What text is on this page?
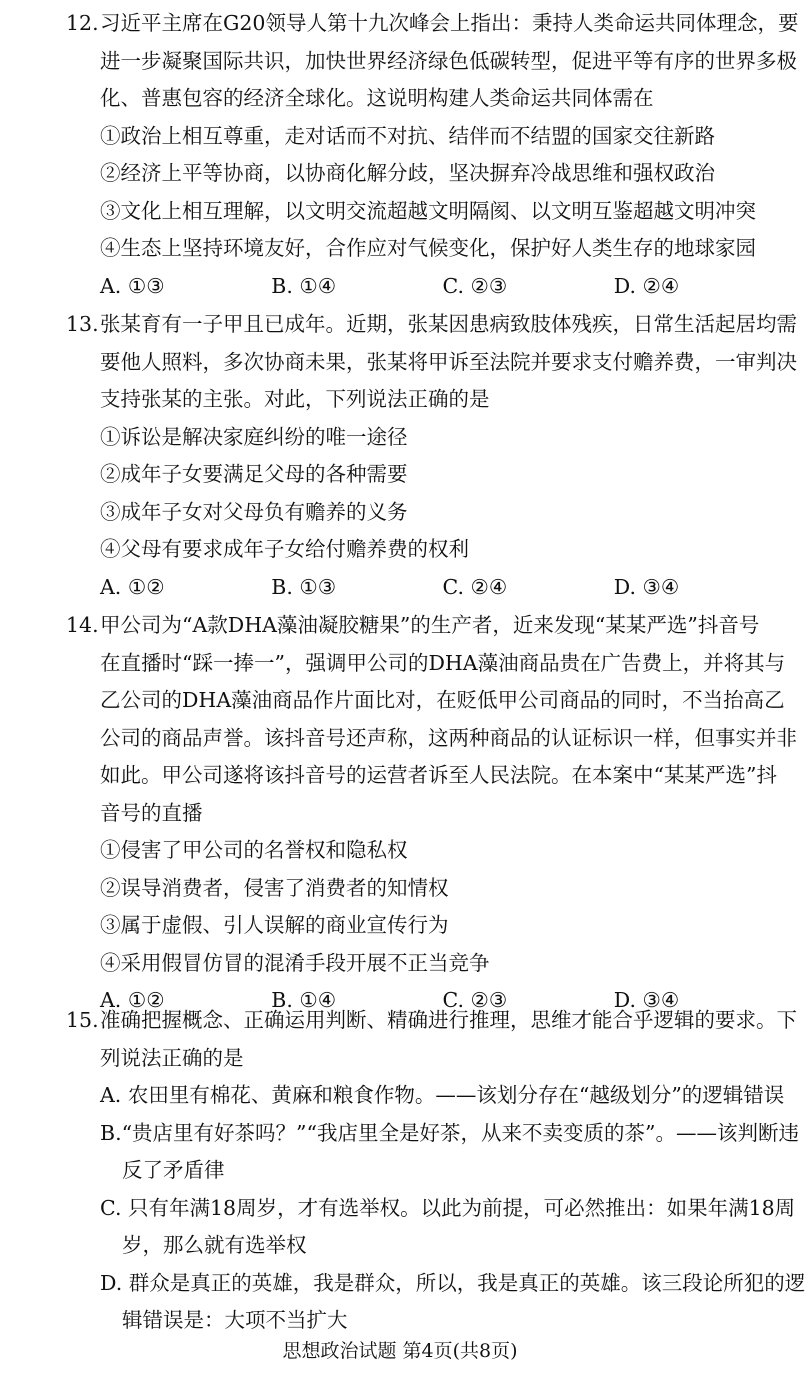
12.习近平主席在G20领导人第十九次峰会上指出：秉持人类命运共同体理念，要
进一步凝聚国际共识，加快世界经济绿色低碳转型，促进平等有序的世界多极
化、普惠包容的经济全球化。这说明构建人类命运共同体需在
①政治上相互尊重，走对话而不对抗、结伴而不结盟的国家交往新路
②经济上平等协商，以协商化解分歧，坚决摒弃冷战思维和强权政治
③文化上相互理解，以文明交流超越文明隔阂、以文明互鉴超越文明冲突
④生态上坚持环境友好，合作应对气候变化，保护好人类生存的地球家园
A. ①③	B. ①④	C. ②③	D. ②④
13.张某育有一子甲且已成年。近期，张某因患病致肢体残疾，日常生活起居均需
要他人照料，多次协商未果，张某将甲诉至法院并要求支付赡养费，一审判决
支持张某的主张。对此，下列说法正确的是
①诉讼是解决家庭纠纷的唯一途径
②成年子女要满足父母的各种需要
③成年子女对父母负有赡养的义务
④父母有要求成年子女给付赡养费的权利
A. ①②	B. ①③	C. ②④	D. ③④
14.甲公司为“A款DHA藻油凝胶糖果”的生产者，近来发现“某某严选”抖音号
在直播时“踩一捧一”，强调甲公司的DHA藻油商品贵在广告费上，并将其与
乙公司的DHA藻油商品作片面比对，在贬低甲公司商品的同时，不当抬高乙
公司的商品声誉。该抖音号还声称，这两种商品的认证标识一样，但事实并非
如此。甲公司遂将该抖音号的运营者诉至人民法院。在本案中“某某严选”抖
音号的直播
①侵害了甲公司的名誉权和隐私权
②误导消费者，侵害了消费者的知情权
③属于虚假、引人误解的商业宣传行为
④采用假冒仿冒的混淆手段开展不正当竞争
A. ①②	B. ①④	C. ②③	D. ③④
15.准确把握概念、正确运用判断、精确进行推理，思维才能合乎逻辑的要求。下
列说法正确的是
A. 农田里有棉花、黄麻和粮食作物。——该划分存在“越级划分”的逻辑错误
B.“贵店里有好茶吗？”“我店里全是好茶，从来不卖变质的茶”。——该判断违
反了矛盾律
C. 只有年满18周岁，才有选举权。以此为前提，可必然推出：如果年满18周
岁，那么就有选举权
D. 群众是真正的英雄，我是群众，所以，我是真正的英雄。该三段论所犯的逻
辑错误是：大项不当扩大
思想政治试题 第4页(共8页)
